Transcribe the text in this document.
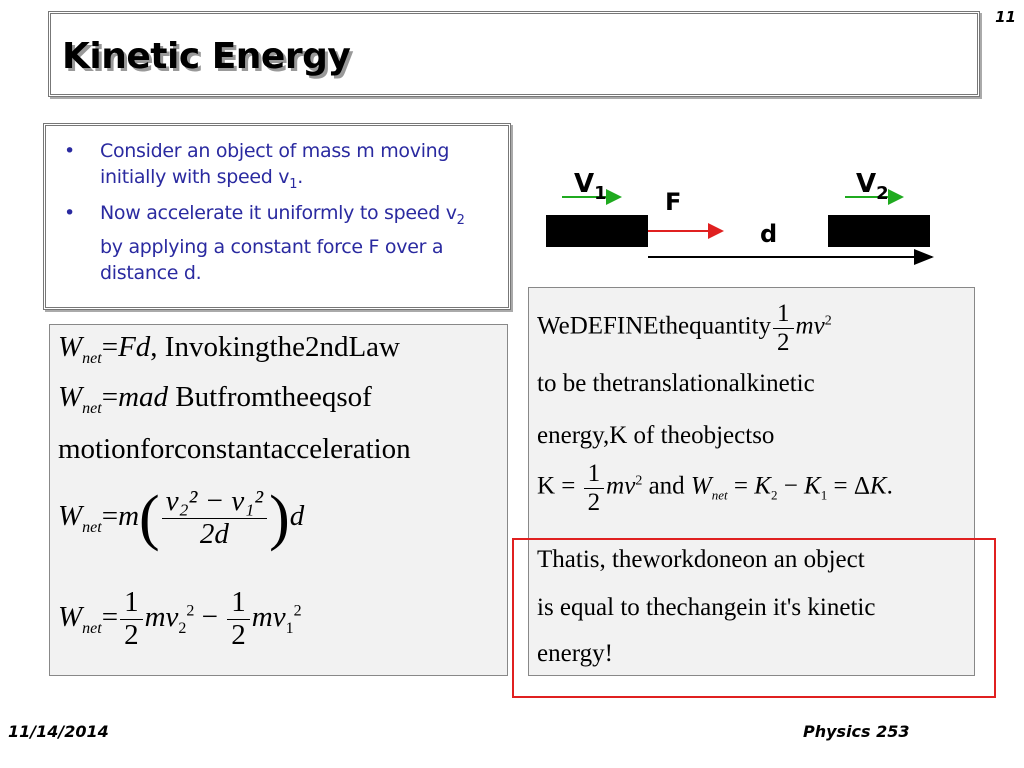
11
Kinetic Energy
• Consider an object of mass m moving initially with speed $v_1$.
• Now accelerate it uniformly to speed $v_2$ by applying a constant force F over a distance d.
$V_1$	$V_2$
F
d
$W_{net}=Fd$, Invokingthe2ndLaw
$W_{net}=mad$ Butfromtheeqsof
motionforconstantacceleration
$W_{net}=m( \frac{\text{v₂² − v₁²}}{2d} )d$
$W_{net}= \frac{1}{2} mv_2^2 - \frac{1}{2} mv_1^2$
WeDEFINEthequantity $\frac{1}{2} mv^2$
to be thetranslationalkinetic
energy,K of theobjectso
$K = \frac{1}{2} mv^2$ and $W_{net} = K_2 - K_1 = \Delta K$.
Thatis, theworkdoneon an object
is equal to thechangein it's kinetic
energy!
11/14/2014	Physics 253
